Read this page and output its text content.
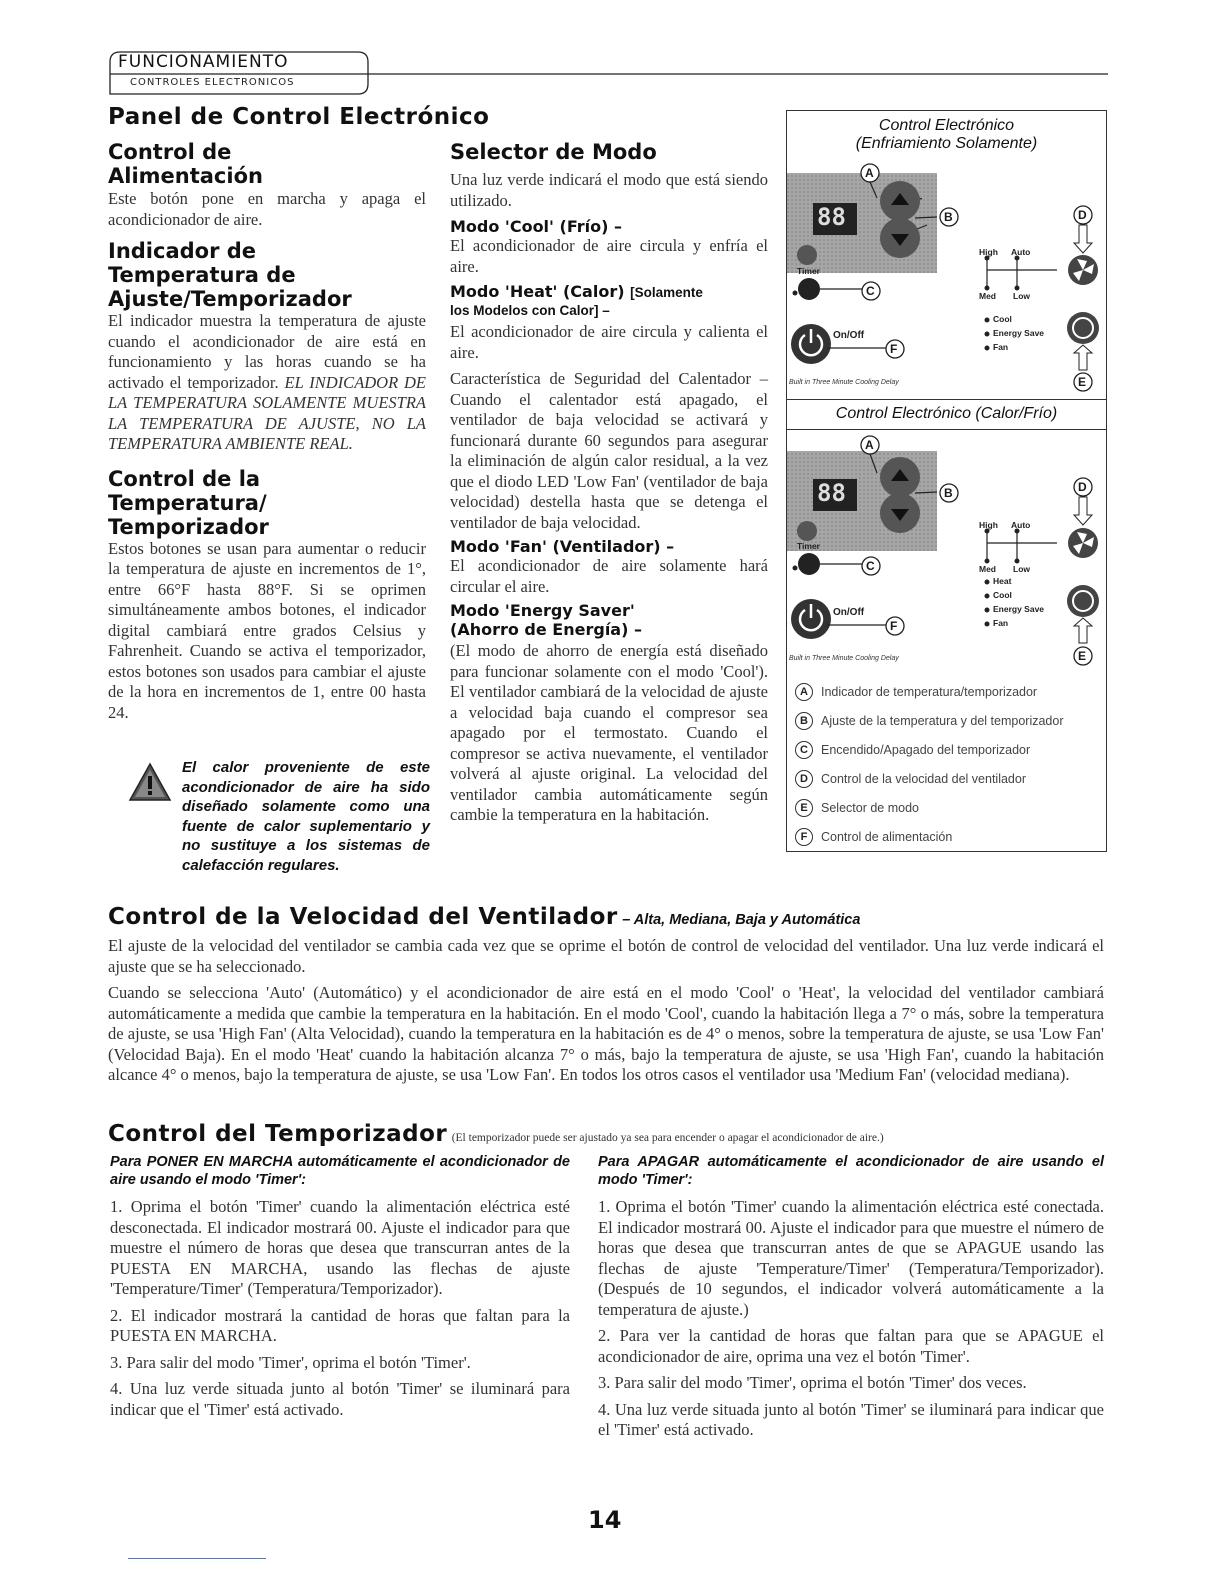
FUNCIONAMIENTO
CONTROLES ELECTRONICOS
Panel de Control Electrónico
Control de
Alimentación
Este botón pone en marcha y apaga el acondicionador de aire.
Indicador de
Temperatura de
Ajuste/Temporizador
El indicador muestra la temperatura de ajuste cuando el acondicionador de aire está en funcionamiento y las horas cuando se ha activado el temporizador. EL INDICADOR DE LA TEMPERATURA SOLAMENTE MUESTRA LA TEMPERATURA DE AJUSTE, NO LA TEMPERATURA AMBIENTE REAL.
Control de la
Temperatura/
Temporizador
Estos botones se usan para aumentar o reducir la temperatura de ajuste en incrementos de 1°, entre 66°F hasta 88°F. Si se oprimen simultáneamente ambos botones, el indicador digital cambiará entre grados Celsius y Fahrenheit. Cuando se activa el temporizador, estos botones son usados para cambiar el ajuste de la hora en incrementos de 1, entre 00 hasta 24.
El calor proveniente de este acondicionador de aire ha sido diseñado solamente como una fuente de calor suplementario y no sustituye a los sistemas de calefacción regulares.
Selector de Modo
Una luz verde indicará el modo que está siendo utilizado.
Modo 'Cool' (Frío) –
El acondicionador de aire circula y enfría el aire.
Modo 'Heat' (Calor) [Solamente
los Modelos con Calor] –
El acondicionador de aire circula y calienta el aire.
Característica de Seguridad del Calentador – Cuando el calentador está apagado, el ventilador de baja velocidad se activará y funcionará durante 60 segundos para asegurar la eliminación de algún calor residual, a la vez que el diodo LED 'Low Fan' (ventilador de baja velocidad) destella hasta que se detenga el ventilador de baja velocidad.
Modo 'Fan' (Ventilador) –
El acondicionador de aire solamente hará circular el aire.
Modo 'Energy Saver'
(Ahorro de Energía) –
(El modo de ahorro de energía está diseñado para funcionar solamente con el modo 'Cool'). El ventilador cambiará de la velocidad de ajuste a velocidad baja cuando el compresor sea apagado por el termostato. Cuando el compresor se activa nuevamente, el ventilador volverá al ajuste original. La velocidad del ventilador cambia automáticamente según cambie la temperatura en la habitación.
Control Electrónico
(Enfriamiento Solamente)
88
A
B
C
D
E
F
Timer
On/Off
High Auto
Med Low
Cool
Energy Save
Fan
Built in Three Minute Cooling Delay
Control Electrónico (Calor/Frío)
88
A
B
C
D
E
F
Timer
On/Off
High Auto
Med Low
Heat
Cool
Energy Save
Fan
Built in Three Minute Cooling Delay
A	Indicador de temperatura/temporizador
B	Ajuste de la temperatura y del temporizador
C	Encendido/Apagado del temporizador
D	Control de la velocidad del ventilador
E	Selector de modo
F	Control de alimentación
Control de la Velocidad del Ventilador – Alta, Mediana, Baja y Automática
El ajuste de la velocidad del ventilador se cambia cada vez que se oprime el botón de control de velocidad del ventilador. Una luz verde indicará el ajuste que se ha seleccionado.
Cuando se selecciona 'Auto' (Automático) y el acondicionador de aire está en el modo 'Cool' o 'Heat', la velocidad del ventilador cambiará automáticamente a medida que cambie la temperatura en la habitación. En el modo 'Cool', cuando la habitación llega a 7° o más, sobre la temperatura de ajuste, se usa 'High Fan' (Alta Velocidad), cuando la temperatura en la habitación es de 4° o menos, sobre la temperatura de ajuste, se usa 'Low Fan' (Velocidad Baja). En el modo 'Heat' cuando la habitación alcanza 7° o más, bajo la temperatura de ajuste, se usa 'High Fan', cuando la habitación alcance 4° o menos, bajo la temperatura de ajuste, se usa 'Low Fan'. En todos los otros casos el ventilador usa 'Medium Fan' (velocidad mediana).
Control del Temporizador (El temporizador puede ser ajustado ya sea para encender o apagar el acondicionador de aire.)
Para PONER EN MARCHA automáticamente el acondicionador de aire usando el modo 'Timer':
1. Oprima el botón 'Timer' cuando la alimentación eléctrica esté desconectada. El indicador mostrará 00. Ajuste el indicador para que muestre el número de horas que desea que transcurran antes de la PUESTA EN MARCHA, usando las flechas de ajuste 'Temperature/Timer' (Temperatura/Temporizador).
2. El indicador mostrará la cantidad de horas que faltan para la PUESTA EN MARCHA.
3. Para salir del modo 'Timer', oprima el botón 'Timer'.
4. Una luz verde situada junto al botón 'Timer' se iluminará para indicar que el 'Timer' está activado.
Para APAGAR automáticamente el acondicionador de aire usando el modo 'Timer':
1. Oprima el botón 'Timer' cuando la alimentación eléctrica esté conectada. El indicador mostrará 00. Ajuste el indicador para que muestre el número de horas que desea que transcurran antes de que se APAGUE usando las flechas de ajuste 'Temperature/Timer' (Temperatura/Temporizador). (Después de 10 segundos, el indicador volverá automáticamente a la temperatura de ajuste.)
2. Para ver la cantidad de horas que faltan para que se APAGUE el acondicionador de aire, oprima una vez el botón 'Timer'.
3. Para salir del modo 'Timer', oprima el botón 'Timer' dos veces.
4. Una luz verde situada junto al botón 'Timer' se iluminará para indicar que el 'Timer' está activado.
14
